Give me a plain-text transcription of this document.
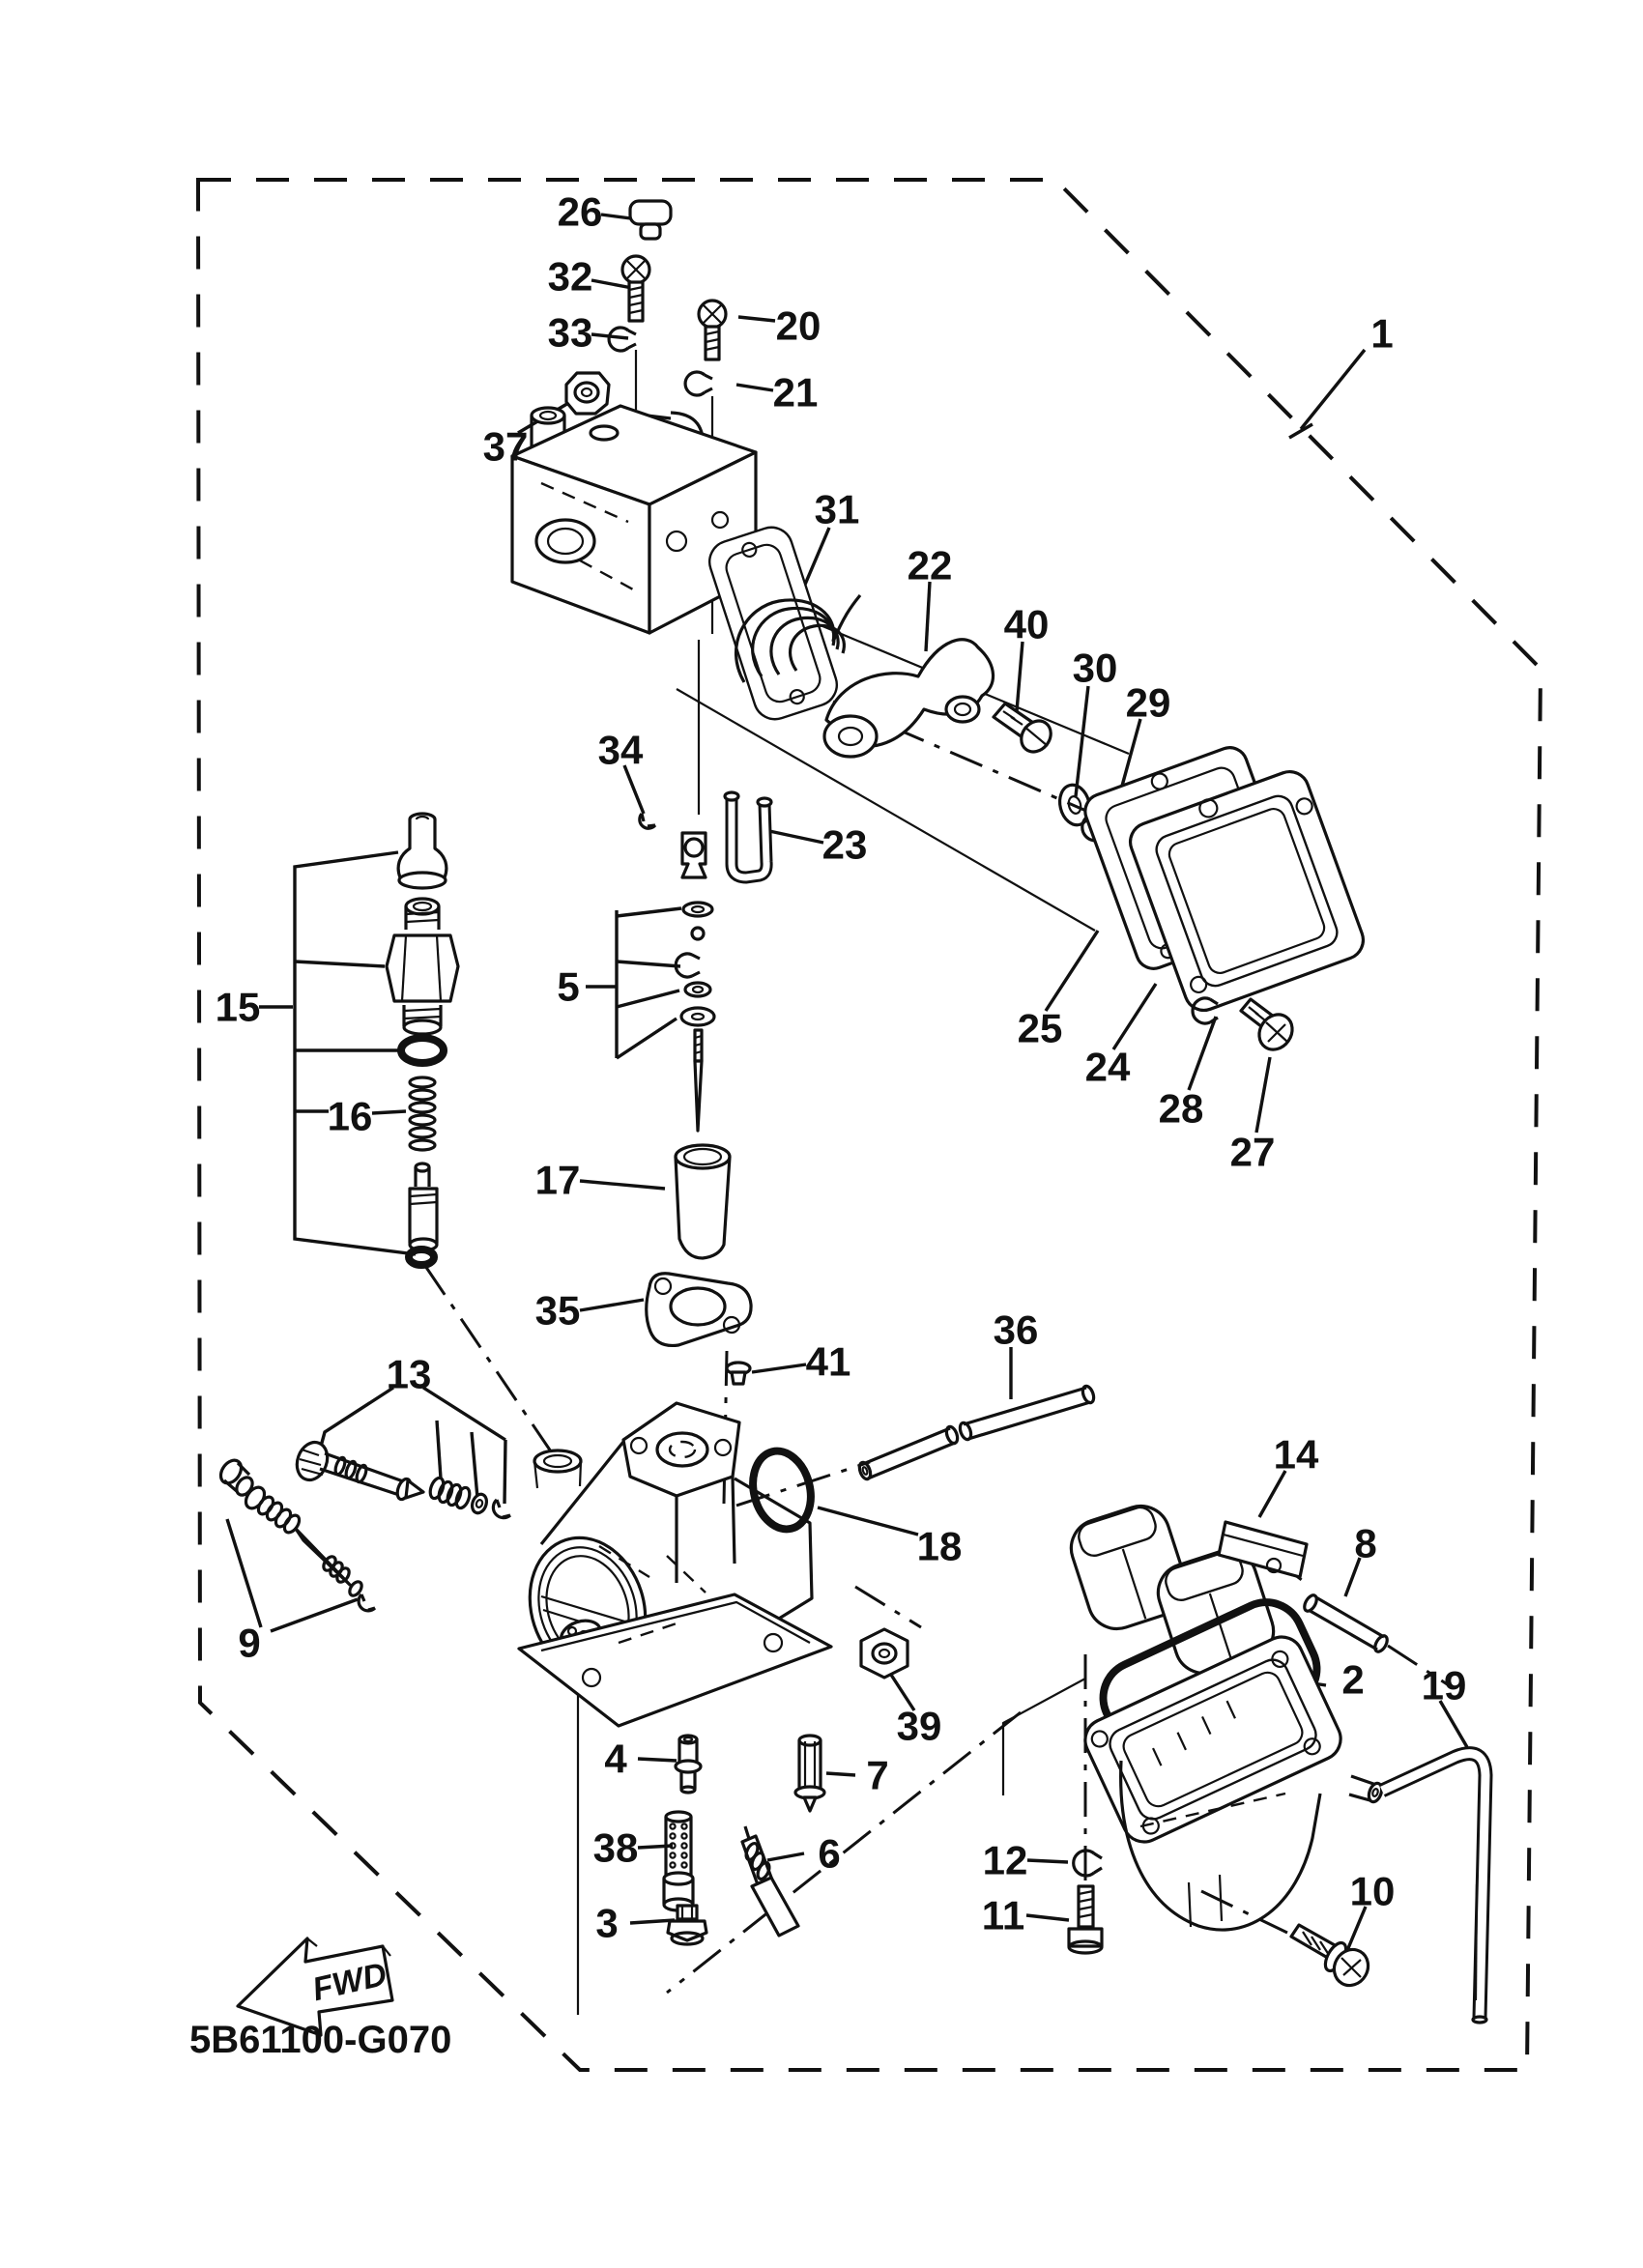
FWD
5B61100-G070
1
2
3
4
5
6
7
8
9
10
11
12
13
14
15
16
17
18
19
20
21
22
23
24
25
26
27
28
29
30
31
32
33
34
35	36
37
38
39
40
41
